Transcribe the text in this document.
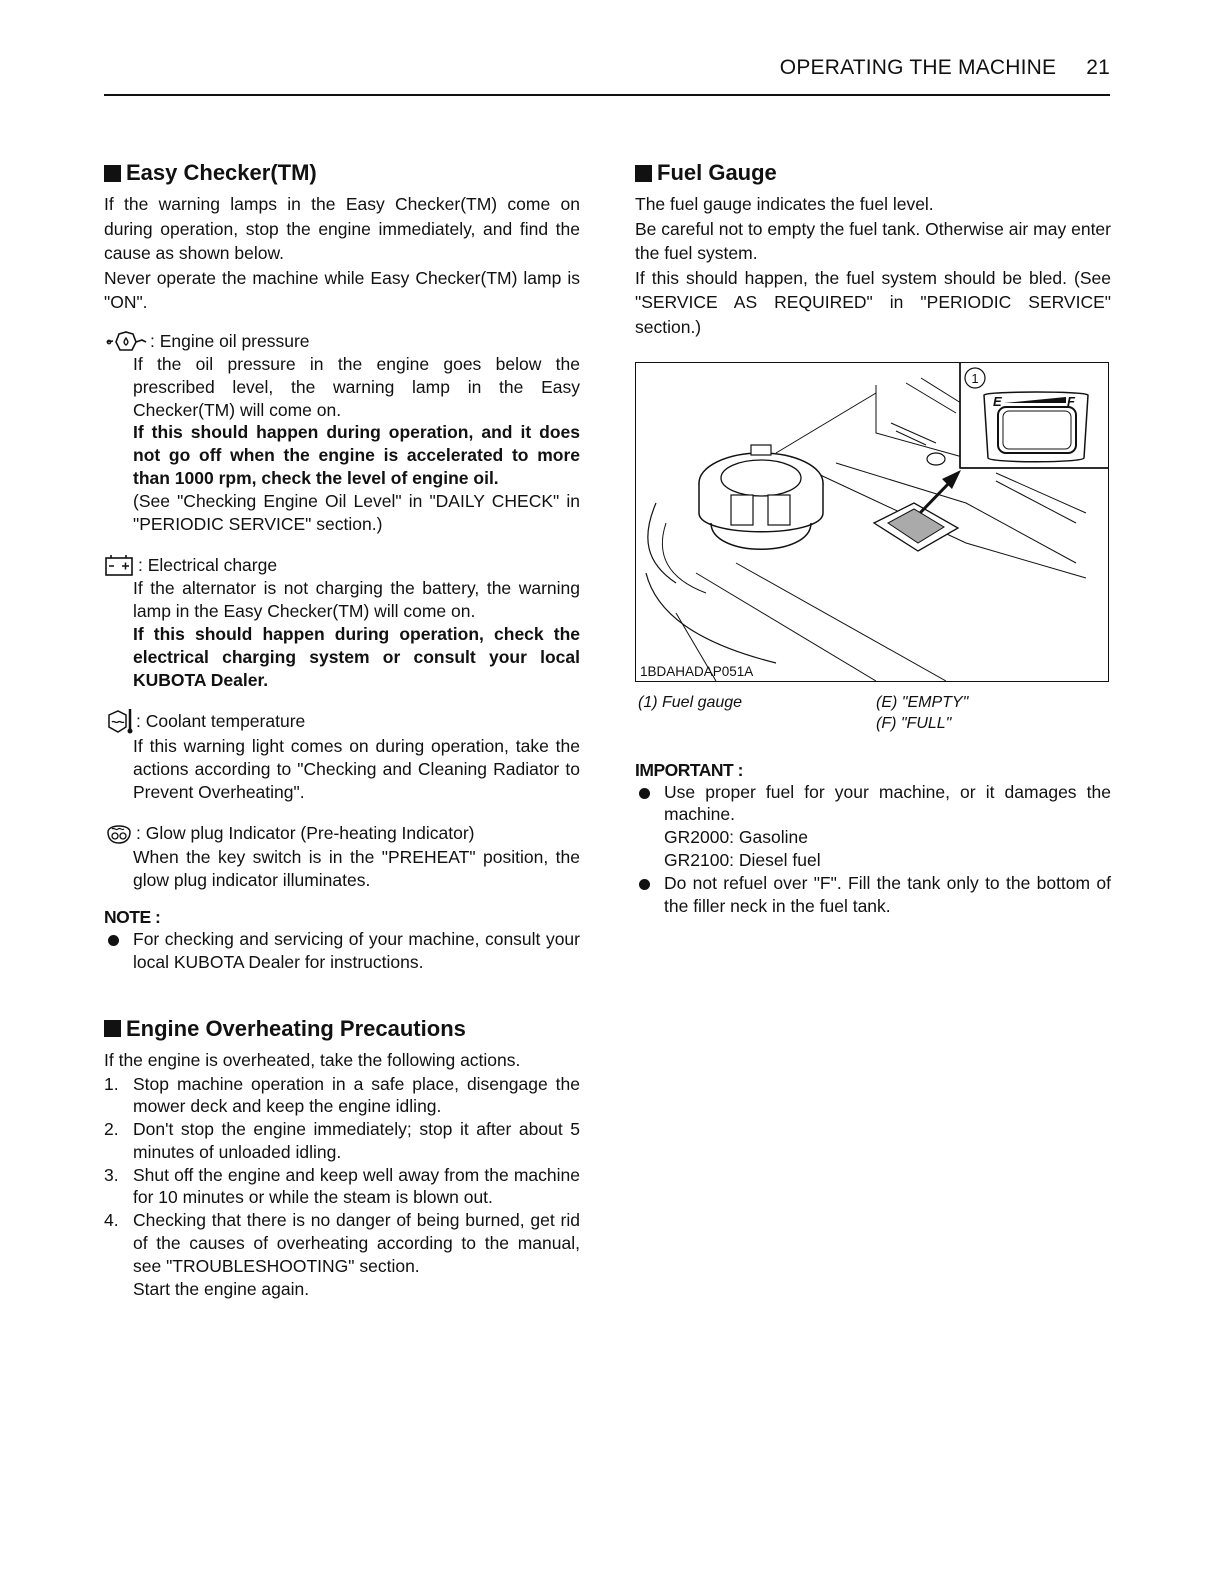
OPERATING THE MACHINE 21
Easy Checker(TM)

If the warning lamps in the Easy Checker(TM) come on during operation, stop the engine immediately, and find the cause as shown below.

Never operate the machine while Easy Checker(TM) lamp is "ON".

: Engine oil pressure
If the oil pressure in the engine goes below the prescribed level, the warning lamp in the Easy Checker(TM) will come on.
If this should happen during operation, and it does not go off when the engine is accelerated to more than 1000 rpm, check the level of engine oil.
(See "Checking Engine Oil Level" in "DAILY CHECK" in "PERIODIC SERVICE" section.)
: Electrical charge
If the alternator is not charging the battery, the warning lamp in the Easy Checker(TM) will come on.
If this should happen during operation, check the electrical charging system or consult your local KUBOTA Dealer.
: Coolant temperature
If this warning light comes on during operation, take the actions according to "Checking and Cleaning Radiator to Prevent Overheating".
: Glow plug Indicator (Pre-heating Indicator)
When the key switch is in the "PREHEAT" position, the glow plug indicator illuminates.
NOTE :
For checking and servicing of your machine, consult your local KUBOTA Dealer for instructions.
Engine Overheating Precautions

If the engine is overheated, take the following actions.

1. Stop machine operation in a safe place, disengage the mower deck and keep the engine idling.
2. Don't stop the engine immediately; stop it after about 5 minutes of unloaded idling.
3. Shut off the engine and keep well away from the machine for 10 minutes or while the steam is blown out.
4. Checking that there is no danger of being burned, get rid of the causes of overheating according to the manual, see "TROUBLESHOOTING" section.
Start the engine again.
Fuel Gauge

The fuel gauge indicates the fuel level.

Be careful not to empty the fuel tank. Otherwise air may enter the fuel system.

If this should happen, the fuel system should be bled. (See "SERVICE AS REQUIRED" in "PERIODIC SERVICE" section.)

1
E	F
1BDAHADAP051A
(1) Fuel gauge	(E) "EMPTY"
(F) "FULL"
IMPORTANT :
Use proper fuel for your machine, or it damages the machine.
GR2000: Gasoline
GR2100: Diesel fuel
Do not refuel over "F". Fill the tank only to the bottom of the filler neck in the fuel tank.
